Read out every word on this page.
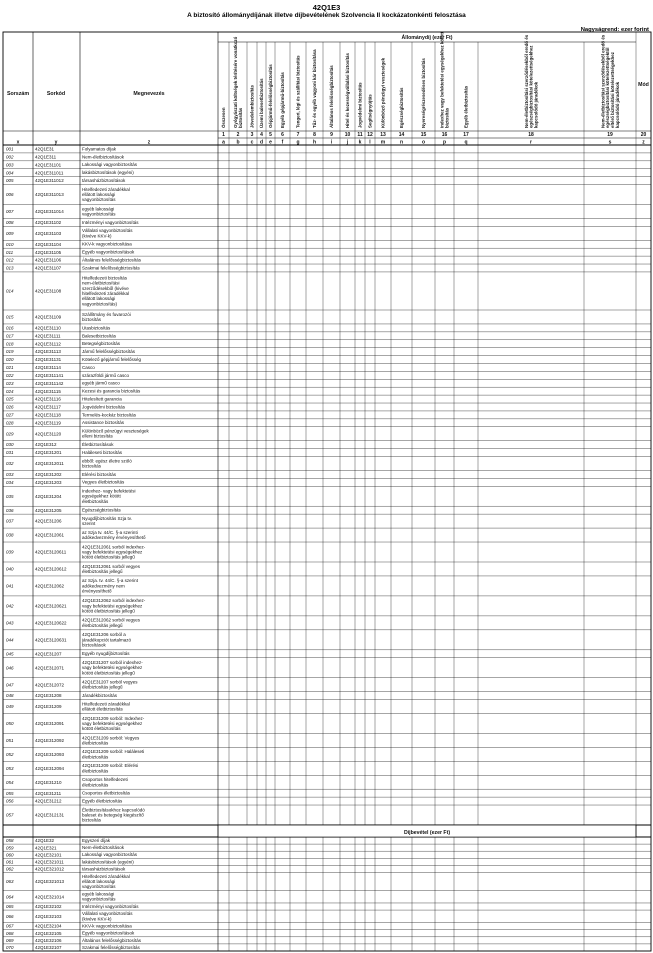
42Q1E3
A biztosító állománydíjának illetve díjbevételének Szolvencia II kockázatonkénti felosztása
Nagyságrend: ezer forint
Állománydíj (ezer Ft)
Sorszám	Sorkód	Megnevezés
Összesen
1
a
Gyógyászati költségek térítésére vonatkozó biztosítás
2
b
Jövedelembiztosítás
3
c
Üzemi balesetbiztosítás
4
d
Gépjármű-felelősségbiztosítás
5
e
Egyéb gépjármű-biztosítás
6
f
Tengeri, légi és szállítási biztosítás
7
g
Tűz- és egyéb vagyoni kár biztosítása
8
h
Általános felelősségbiztosítás
9
i
Hitel és kezességvállalási biztosítás
10
j
Jogvédelmi biztosítás
11
k
Segítségnyújtás
12
l
Különböző pénzügyi veszteségek
13
m
Egészségbiztosítás
14
n
Nyereségrészesedéses biztosítás
15
o
Indexhez vagy befektetési egységekhez kötött biztosítás
16
p
Egyéb életbiztosítás
17
q
Nem-életbiztosítási szerződésekből eredő és egészségbiztosítási kötelezettségekhez kapcsolódó járadékok
18
r
Nem-életbiztosítási szerződésekből eredő és egészségbiztosítási kötelezettségektől eltérő biztosítási kötelezettségekhez kapcsolódó járadékok
19
s
Mód
20
z
x	y	z
Díjbevétel (ezer Ft)
001	42Q1E31	Folyamatos díjak
002	42Q1E311	Nem-életbiztosítások
003	42Q1E31101	Lakossági vagyonbiztosítás
004	42Q1E311011	lakásbiztosítások (egyéni)
005	42Q1E311012	társasházbiztosítások
006	42Q1E311013
Hitelfedezeti záradékkal
ellátott lakossági
vagyonbiztosítás
007	42Q1E311014
egyéb lakossági
vagyonbiztosítás
008	42Q1E31102	Intézményi vagyonbiztosítás
009	42Q1E31103
Vállalati vagyonbiztosítás
(kivéve KKV-k)
010	42Q1E31104	KKV-k vagyonbiztosítása
011	42Q1E31105	Egyéb vagyonbiztosítások
012	42Q1E31106	Általános felelősségbiztosítás
013	42Q1E31107	Szakmai felelősségbiztosítás
014	42Q1E31108
Hitelfedezeti biztosítás
nem-életbiztosítási
szerződésekből (kivéve
hitelfedezeti záradékkal
ellátott lakossági
vagyonbiztosítás)
015	42Q1E31109
Szállítmány és fuvarozói
biztosítás
016	42Q1E31110	Utasbiztosítás
017	42Q1E31111	Balesetbiztosítás
018	42Q1E31112	Betegségbiztosítás
019	42Q1E31113	Jármű felelősségbiztosítás
020	42Q1E31131	Kötelező gépjármű felelősség
021	42Q1E31114	Casco
022	42Q1E311141	szárazföldi jármű casco
023	42Q1E311142	egyéb jármű casco
024	42Q1E31115	Kezesi és garancia biztosítás
025	42Q1E31116	Hitelesített garancia
026	42Q1E31117	Jogvédelmi biztosítás
027	42Q1E31118	Termelés-kockáz biztosítás
028	42Q1E31119	Assistance biztosítás
029	42Q1E31120
Különböző pénzügyi veszteségek
elleni biztosítás
030	42Q1E312	Életbiztosítások
031	42Q1E31201	Haláleseti biztosítás
032	42Q1E312011
ebből: egész életre szóló
biztosítás
033	42Q1E31202	Elérési biztosítás
034	42Q1E31203	Vegyes életbiztosítás
035	42Q1E31204
Indexhez- vagy befektetési
egységekhez kötött
életbiztosítás
036	42Q1E31205	Egészségbiztosítás
037	42Q1E31206
Nyugdíjbiztosítás Szja tv.
szerint
038	42Q1E312061
az Szja tv. 44/C. §-a szerinti
adókedvezmény érvényesíthető
039	42Q1E3120611
42Q1E312061 sorból indexhez-
vagy befektetési egységekhez
kötött életbiztosítás jellegű
040	42Q1E3120612
42Q1E312061 sorból vegyes
életbiztosítás jellegű
041	42Q1E312062
az Szja. tv. 44/C. §-a szerint
adókedvezmény nem
érvényesíthető
042	42Q1E3120621
42Q1E312062 sorból indexhez-
vagy befektetési egységekhez
kötött életbiztosítás jellegű
043	42Q1E3120622
42Q1E312062 sorból vegyes
életbiztosítás jellegű
044	42Q1E3120631
42Q1E31206 sorból a
járadékopciót tartalmazó
biztosítások
045	42Q1E31207	Egyéb nyugdíjbiztosítás
046	42Q1E312071
42Q1E31207 sorból indexhez-
vagy befektetési egységekhez
kötött életbiztosítás jellegű
047	42Q1E312072
42Q1E31207 sorból vegyes
életbiztosítás jellegű
048	42Q1E31208	Járadékbiztosítás
049	42Q1E31209
Hitelfedezeti záradékkal
ellátott életbiztosítás
050	42Q1E312091
42Q1E31209 sorból: Indexhez-
vagy befektetési egységekhez
kötött életbiztosítás
051	42Q1E312092
42Q1E31209 sorból: Vegyes
életbiztosítás
052	42Q1E312093
42Q1E31209 sorból: Haláleseti
életbiztosítás
053	42Q1E312094
42Q1E31209 sorból: Elérési
életbiztosítás
054	42Q1E31210
Csoportos hitelfedezeti
életbiztosítás
055	42Q1E31211	Csoportos életbiztosítás
056	42Q1E31212	Egyéb életbiztosítás
057	42Q1E312131
Életbiztosításokhoz kapcsolódó
baleset és betegség kiegészítő
biztosítás
058	42Q1E32	Egyszeri díjak
059	42Q1E321	Nem-életbiztosítások
060	42Q1E32101	Lakossági vagyonbiztosítás
061	42Q1E321011	lakásbiztosítások (egyéni)
062	42Q1E321012	társasházbiztosítások
063	42Q1E321013
Hitelfedezeti záradékkal
ellátott lakossági
vagyonbiztosítás
064	42Q1E321014
egyéb lakossági
vagyonbiztosítás
065	42Q1E32102	Intézményi vagyonbiztosítás
066	42Q1E32103
Vállalati vagyonbiztosítás
(kivéve KKV-k)
067	42Q1E32104	KKV-k vagyonbiztosítása
068	42Q1E32105	Egyéb vagyonbiztosítások
069	42Q1E32106	Általános felelősségbiztosítás
070	42Q1E32107	Szakmai felelősségbiztosítás
